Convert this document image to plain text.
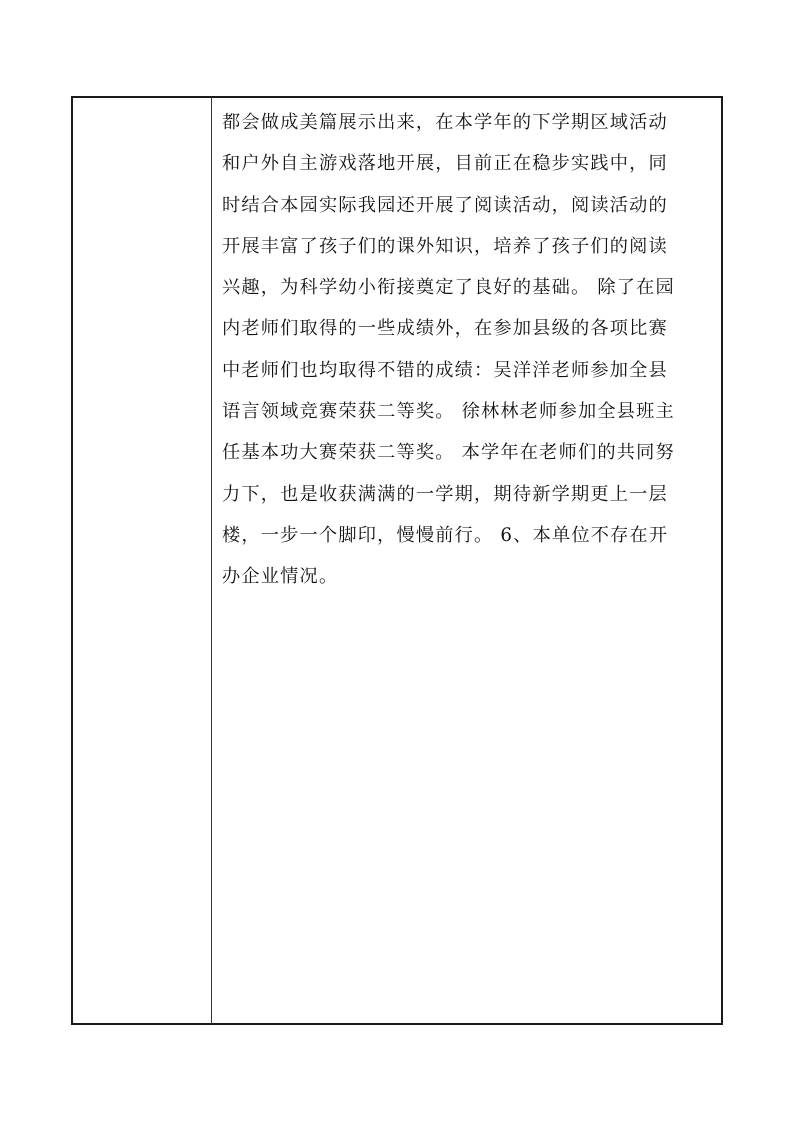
都会做成美篇展示出来，在本学年的下学期区域活动
和户外自主游戏落地开展，目前正在稳步实践中，同
时结合本园实际我园还开展了阅读活动，阅读活动的
开展丰富了孩子们的课外知识，培养了孩子们的阅读
兴趣，为科学幼小衔接奠定了良好的基础。 除了在园
内老师们取得的一些成绩外，在参加县级的各项比赛
中老师们也均取得不错的成绩：吴洋洋老师参加全县
语言领域竞赛荣获二等奖。 徐林林老师参加全县班主
任基本功大赛荣获二等奖。 本学年在老师们的共同努
力下，也是收获满满的一学期，期待新学期更上一层
楼，一步一个脚印，慢慢前行。 6、本单位不存在开
办企业情况。
